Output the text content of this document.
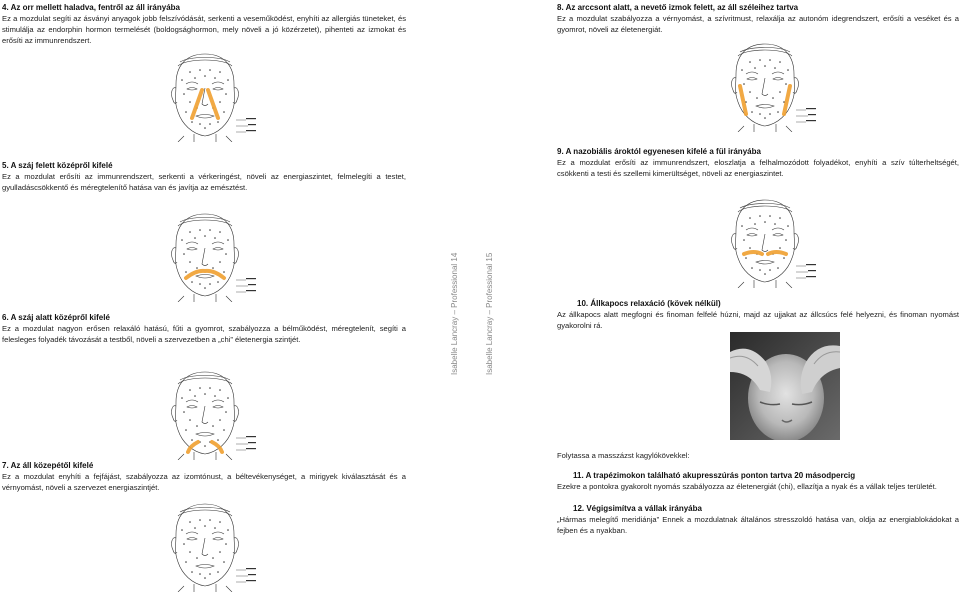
4. Az orr mellett haladva, fentről az áll irányába

Ez a mozdulat segíti az ásványi anyagok jobb felszívódását, serkenti a veseműködést, enyhíti az allergiás tüneteket, és stimulálja az endorphin hormon termelését (boldogsághormon, mely növeli a jó közérzetet), pihenteti az izmokat és erősíti az immunrendszert.

5. A száj felett középről kifelé

Ez a mozdulat erősíti az immunrendszert, serkenti a vérkeringést, növeli az energiaszintet, felmelegíti a testet, gyulladáscsökkentő és méregtelenítő hatása van és javítja az emésztést.

6. A száj alatt középről kifelé

Ez a mozdulat nagyon erősen relaxáló hatású, fűti a gyomrot, szabályozza a bélműködést, méregtelenít, segíti a felesleges folyadék távozását a testből, növeli a szervezetben a „chi” életenergia szintjét.

7. Az áll közepétől kifelé

Ez a mozdulat enyhíti a fejfájást, szabályozza az izomtónust, a béltevékenységet, a mirigyek kiválasztását és a vérnyomást, növeli a szervezet energiaszintjét.

Isabelle Lancray – Professional 14	Isabelle Lancray – Professional 15
8. Az arccsont alatt, a nevető izmok felett, az áll széleihez tartva

Ez a mozdulat szabályozza a vérnyomást, a szívritmust, relaxálja az autonóm idegrendszert, erősíti a veséket és a gyomrot, növeli az életenergiát.

9. A nazobiális ároktól egyenesen kifelé a fül irányába

Ez a mozdulat erősíti az immunrendszert, eloszlatja a felhalmozódott folyadékot, enyhíti a szív túlterheltségét, csökkenti a testi és szellemi kimerültséget, növeli az energiaszintet.

10. Állkapocs relaxáció (kövek nélkül)

Az állkapocs alatt megfogni és finoman felfelé húzni, majd az ujjakat az állcsúcs felé helyezni, és finoman nyomást gyakorolni rá.

Folytassa a masszázst kagylókövekkel:

11. A trapézimokon található akupresszúrás ponton tartva 20 másodpercig

Ezekre a pontokra gyakorolt nyomás szabályozza az életenergiát (chi), ellazítja a nyak és a vállak teljes területét.

12. Végigsimítva a vállak irányába

„Hármas melegítő meridiánja” Ennek a mozdulatnak általános stresszoldó hatása van, oldja az energiablokádokat a fejben és a nyakban.
